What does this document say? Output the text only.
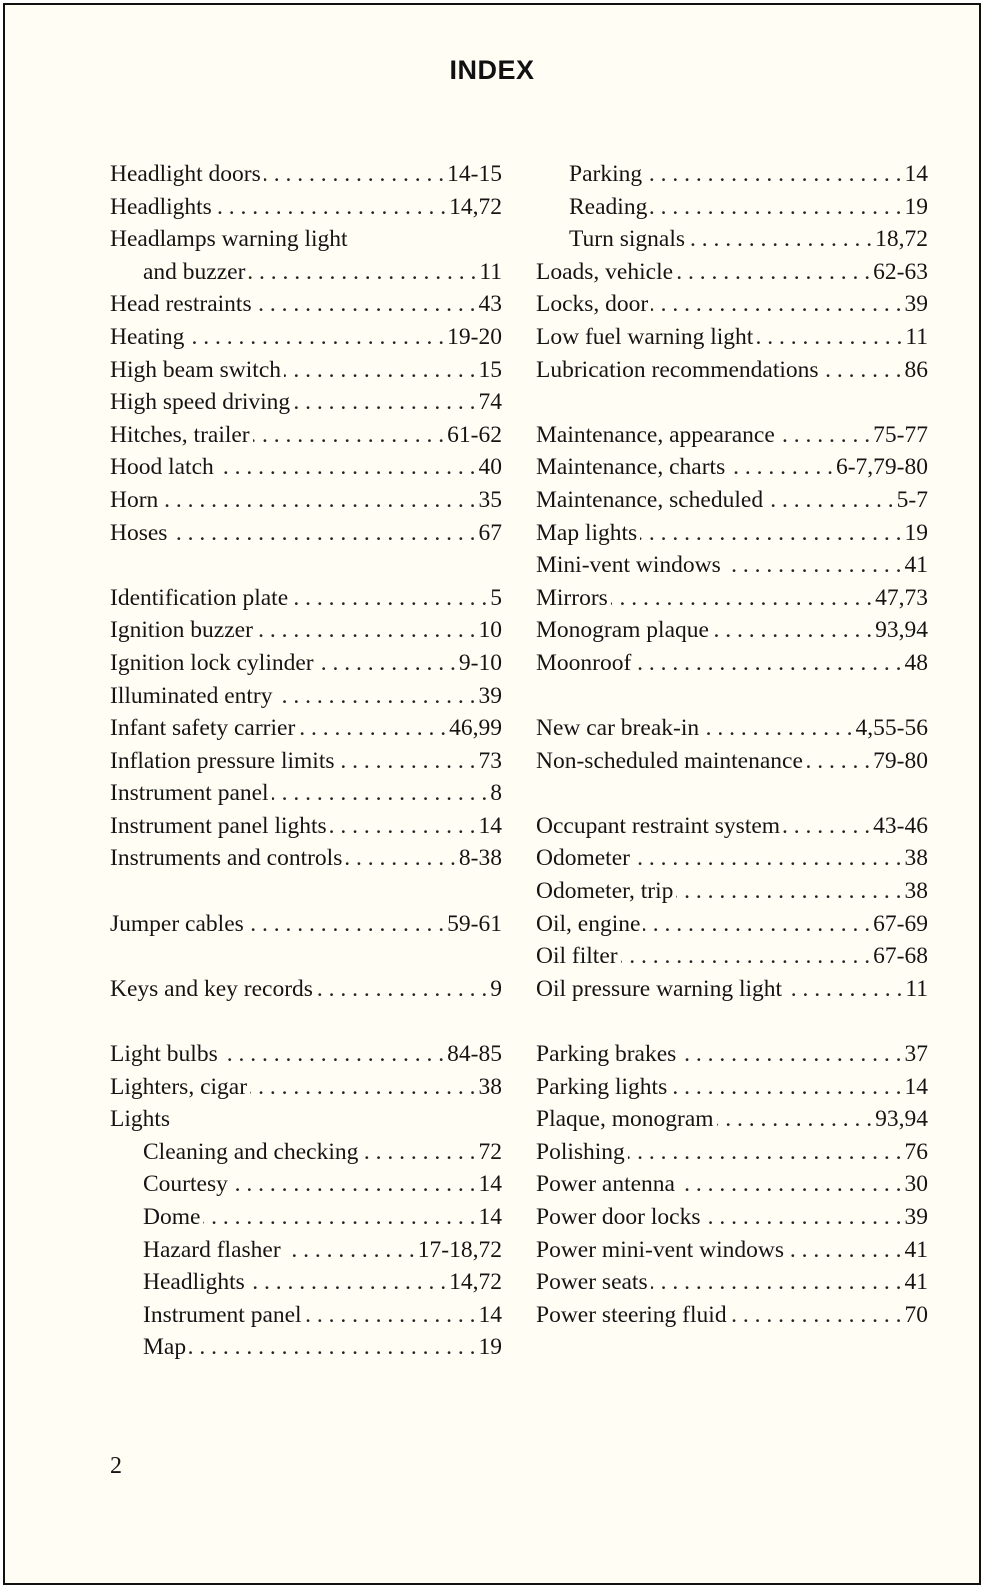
INDEX
Headlight doors . . .	14-15
Headlights . . .	14,72
Headlamps warning light
and buzzer . . .	11
Head restraints . . .	43
Heating . . .	19-20
High beam switch . . .	15
High speed driving . . .	74
Hitches, trailer . . .	61-62
Hood latch . . .	40
Horn . . .	35
Hoses . . .	67
Identification plate . . .	5
Ignition buzzer . . .	10
Ignition lock cylinder . . .	9-10
Illuminated entry . . .	39
Infant safety carrier . . .	46,99
Inflation pressure limits . . .	73
Instrument panel . . .	8
Instrument panel lights . . .	14
Instruments and controls . . .	8-38
Jumper cables . . .	59-61
Keys and key records . . .	9
Light bulbs . . .	84-85
Lighters, cigar . . .	38
Lights
Cleaning and checking . . .	72
Courtesy . . .	14
Dome . . .	14
Hazard flasher . . .	17-18,72
Headlights . . .	14,72
Instrument panel . . .	14
Map . . .	19
Parking . . .	14
Reading . . .	19
Turn signals . . .	18,72
Loads, vehicle . . .	62-63
Locks, door . . .	39
Low fuel warning light . . .	11
Lubrication recommendations . . .	86
Maintenance, appearance . . .	75-77
Maintenance, charts . . .	6-7,79-80
Maintenance, scheduled . . .	5-7
Map lights . . .	19
Mini-vent windows . . .	41
Mirrors . . .	47,73
Monogram plaque . . .	93,94
Moonroof . . .	48
New car break-in . . .	4,55-56
Non-scheduled maintenance . . .	79-80
Occupant restraint system . . .	43-46
Odometer . . .	38
Odometer, trip . . .	38
Oil, engine . . .	67-69
Oil filter . . .	67-68
Oil pressure warning light . . .	11
Parking brakes . . .	37
Parking lights . . .	14
Plaque, monogram . . .	93,94
Polishing . . .	76
Power antenna . . .	30
Power door locks . . .	39
Power mini-vent windows . . .	41
Power seats . . .	41
Power steering fluid . . .	70
2
